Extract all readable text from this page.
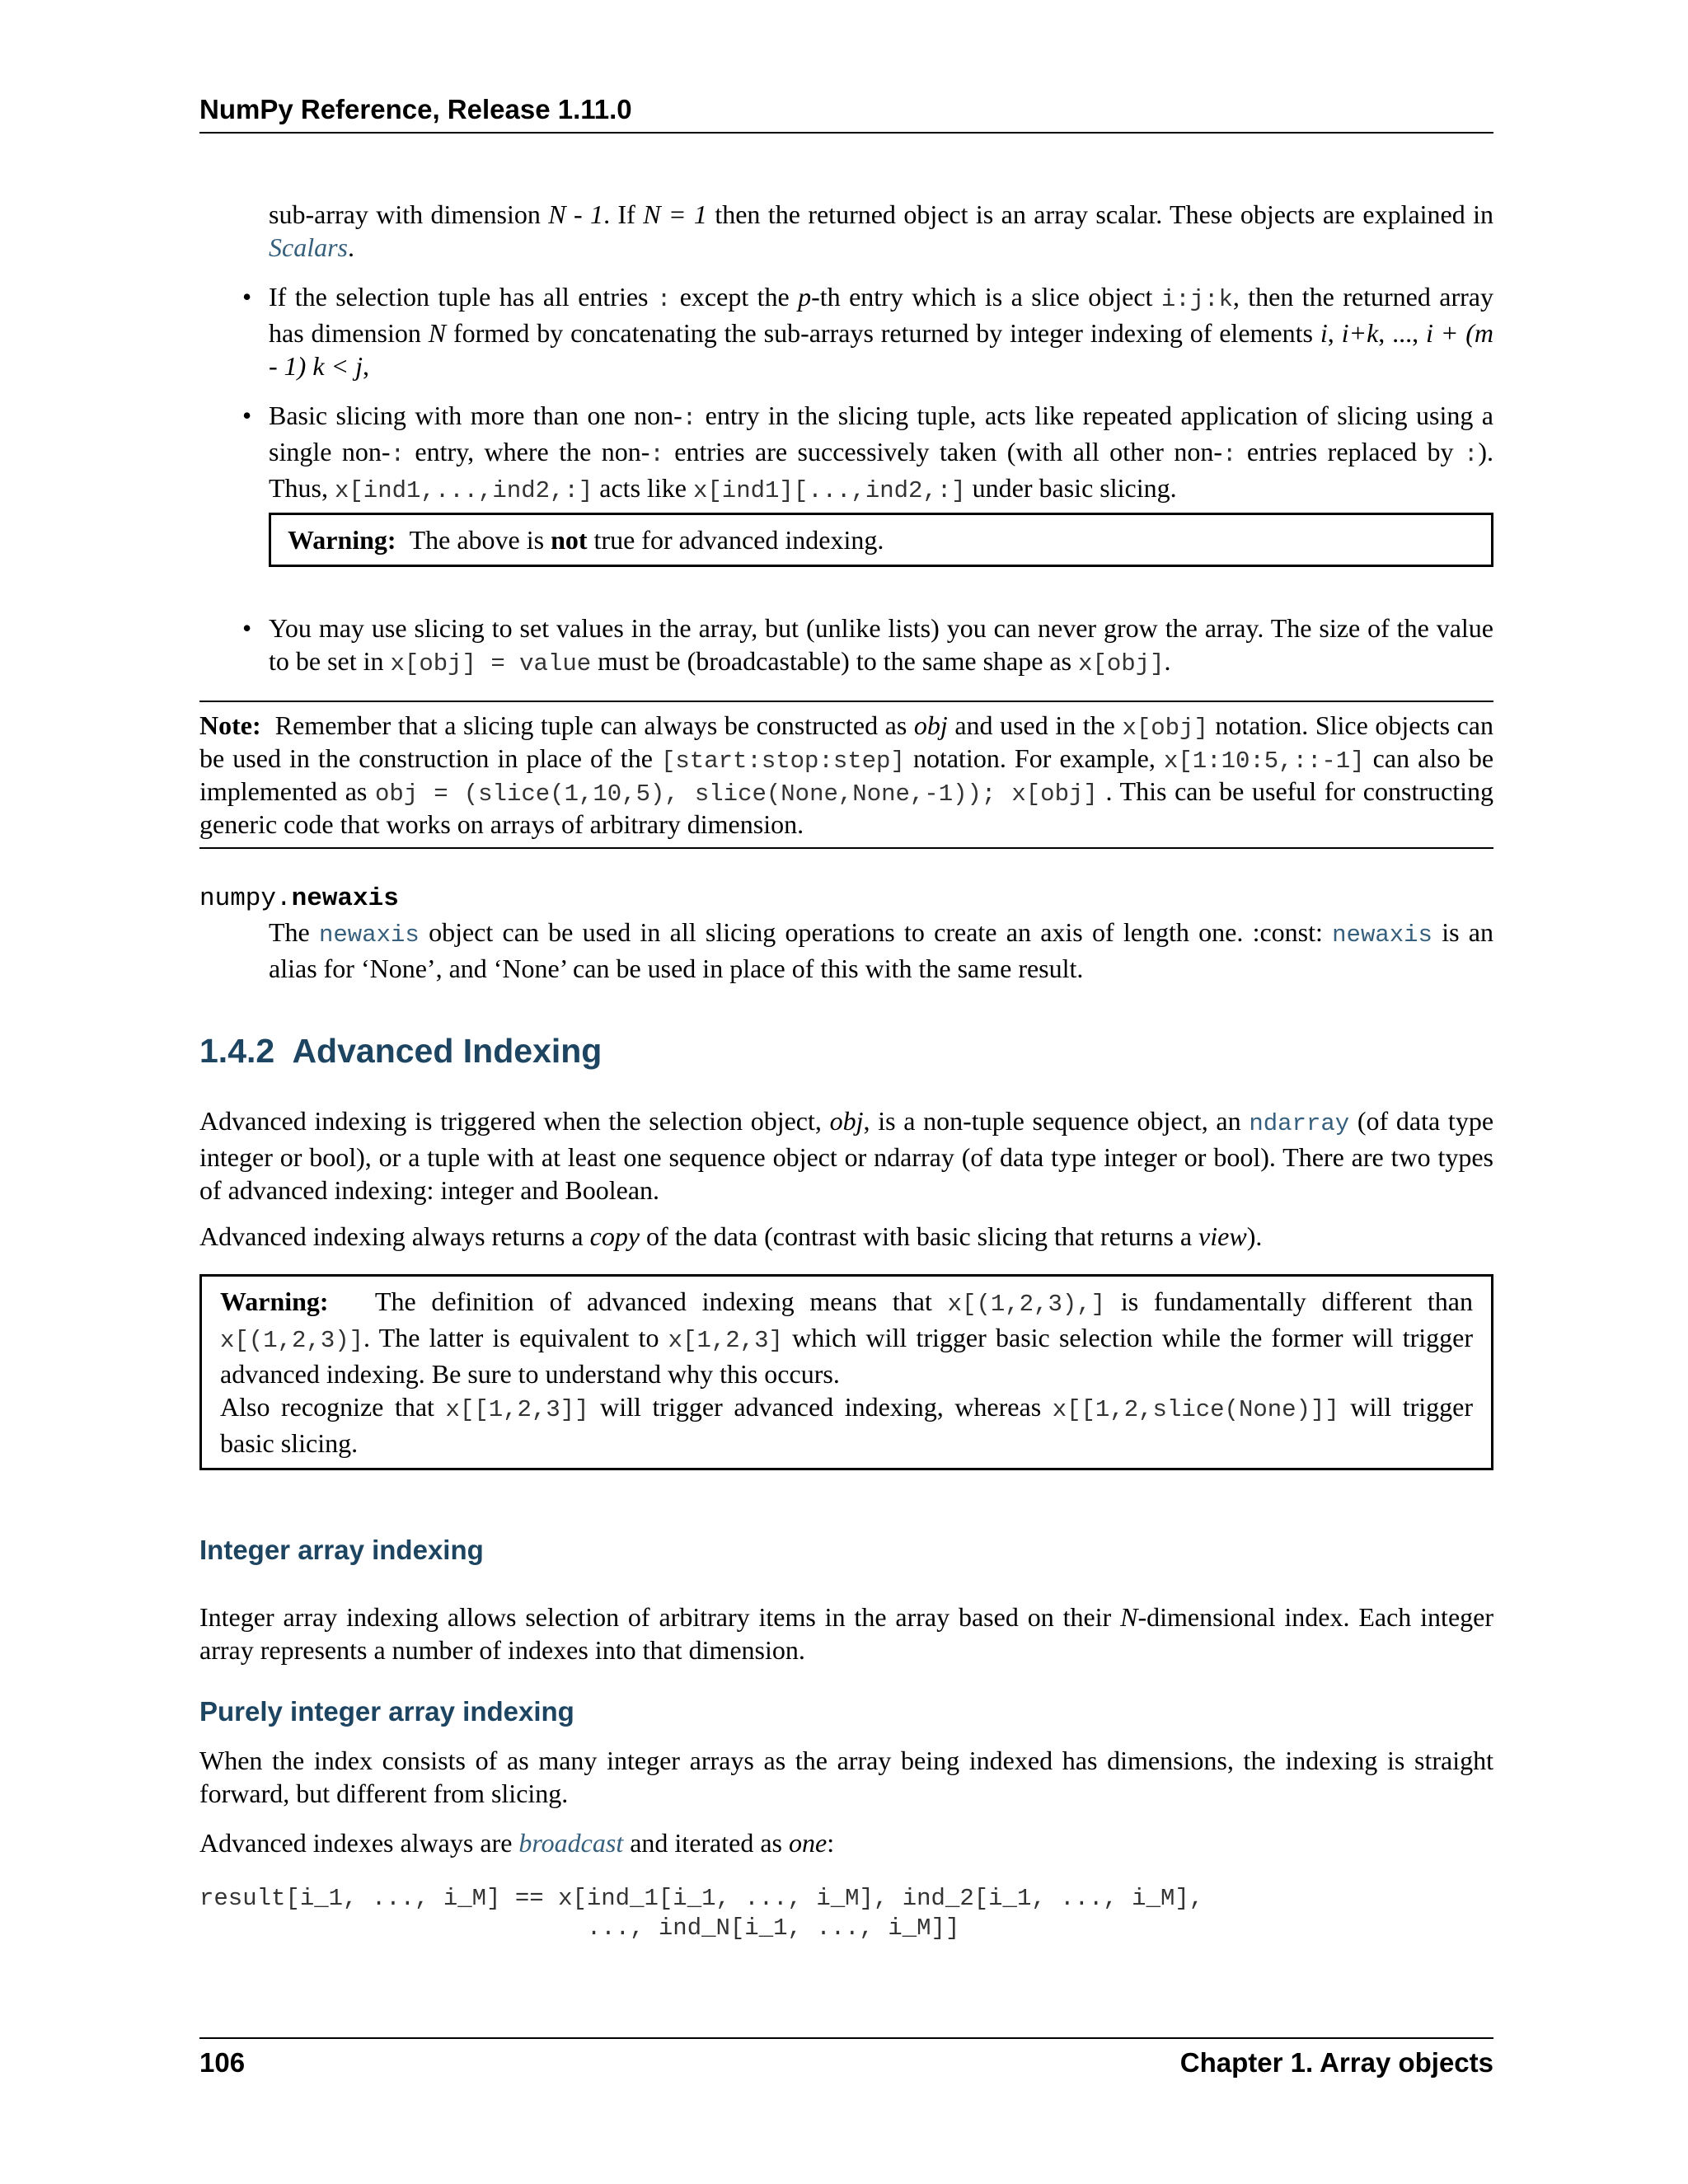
NumPy Reference, Release 1.11.0

sub-array with dimension N - 1. If N = 1 then the returned object is an array scalar. These objects are explained in Scalars.

• If the selection tuple has all entries : except the p-th entry which is a slice object i:j:k, then the returned array has dimension N formed by concatenating the sub-arrays returned by integer indexing of elements i, i+k, ..., i + (m - 1) k < j,
• Basic slicing with more than one non-: entry in the slicing tuple, acts like repeated application of slicing using a single non-: entry, where the non-: entries are successively taken (with all other non-: entries replaced by :). Thus, x[ind1,...,ind2,:] acts like x[ind1][...,ind2,:] under basic slicing.
Warning: The above is not true for advanced indexing.
• You may use slicing to set values in the array, but (unlike lists) you can never grow the array. The size of the value to be set in x[obj] = value must be (broadcastable) to the same shape as x[obj].
Note: Remember that a slicing tuple can always be constructed as obj and used in the x[obj] notation. Slice objects can be used in the construction in place of the [start:stop:step] notation. For example, x[1:10:5,::-1] can also be implemented as obj = (slice(1,10,5), slice(None,None,-1)); x[obj] . This can be useful for constructing generic code that works on arrays of arbitrary dimension.
numpy.newaxis

The newaxis object can be used in all slicing operations to create an axis of length one. :const: newaxis is an alias for ‘None’, and ‘None’ can be used in place of this with the same result.

1.4.2  Advanced Indexing

Advanced indexing is triggered when the selection object, obj, is a non-tuple sequence object, an ndarray (of data type integer or bool), or a tuple with at least one sequence object or ndarray (of data type integer or bool). There are two types of advanced indexing: integer and Boolean.

Advanced indexing always returns a copy of the data (contrast with basic slicing that returns a view).

Warning: The definition of advanced indexing means that x[(1,2,3),] is fundamentally different than x[(1,2,3)]. The latter is equivalent to x[1,2,3] which will trigger basic selection while the former will trigger advanced indexing. Be sure to understand why this occurs.
Also recognize that x[[1,2,3]] will trigger advanced indexing, whereas x[[1,2,slice(None)]] will trigger basic slicing.
Integer array indexing

Integer array indexing allows selection of arbitrary items in the array based on their N-dimensional index. Each integer array represents a number of indexes into that dimension.

Purely integer array indexing

When the index consists of as many integer arrays as the array being indexed has dimensions, the indexing is straight forward, but different from slicing.

Advanced indexes always are broadcast and iterated as one:

result[i_1, ..., i_M] == x[ind_1[i_1, ..., i_M], ind_2[i_1, ..., i_M],
..., ind_N[i_1, ..., i_M]]
106	Chapter 1. Array objects
